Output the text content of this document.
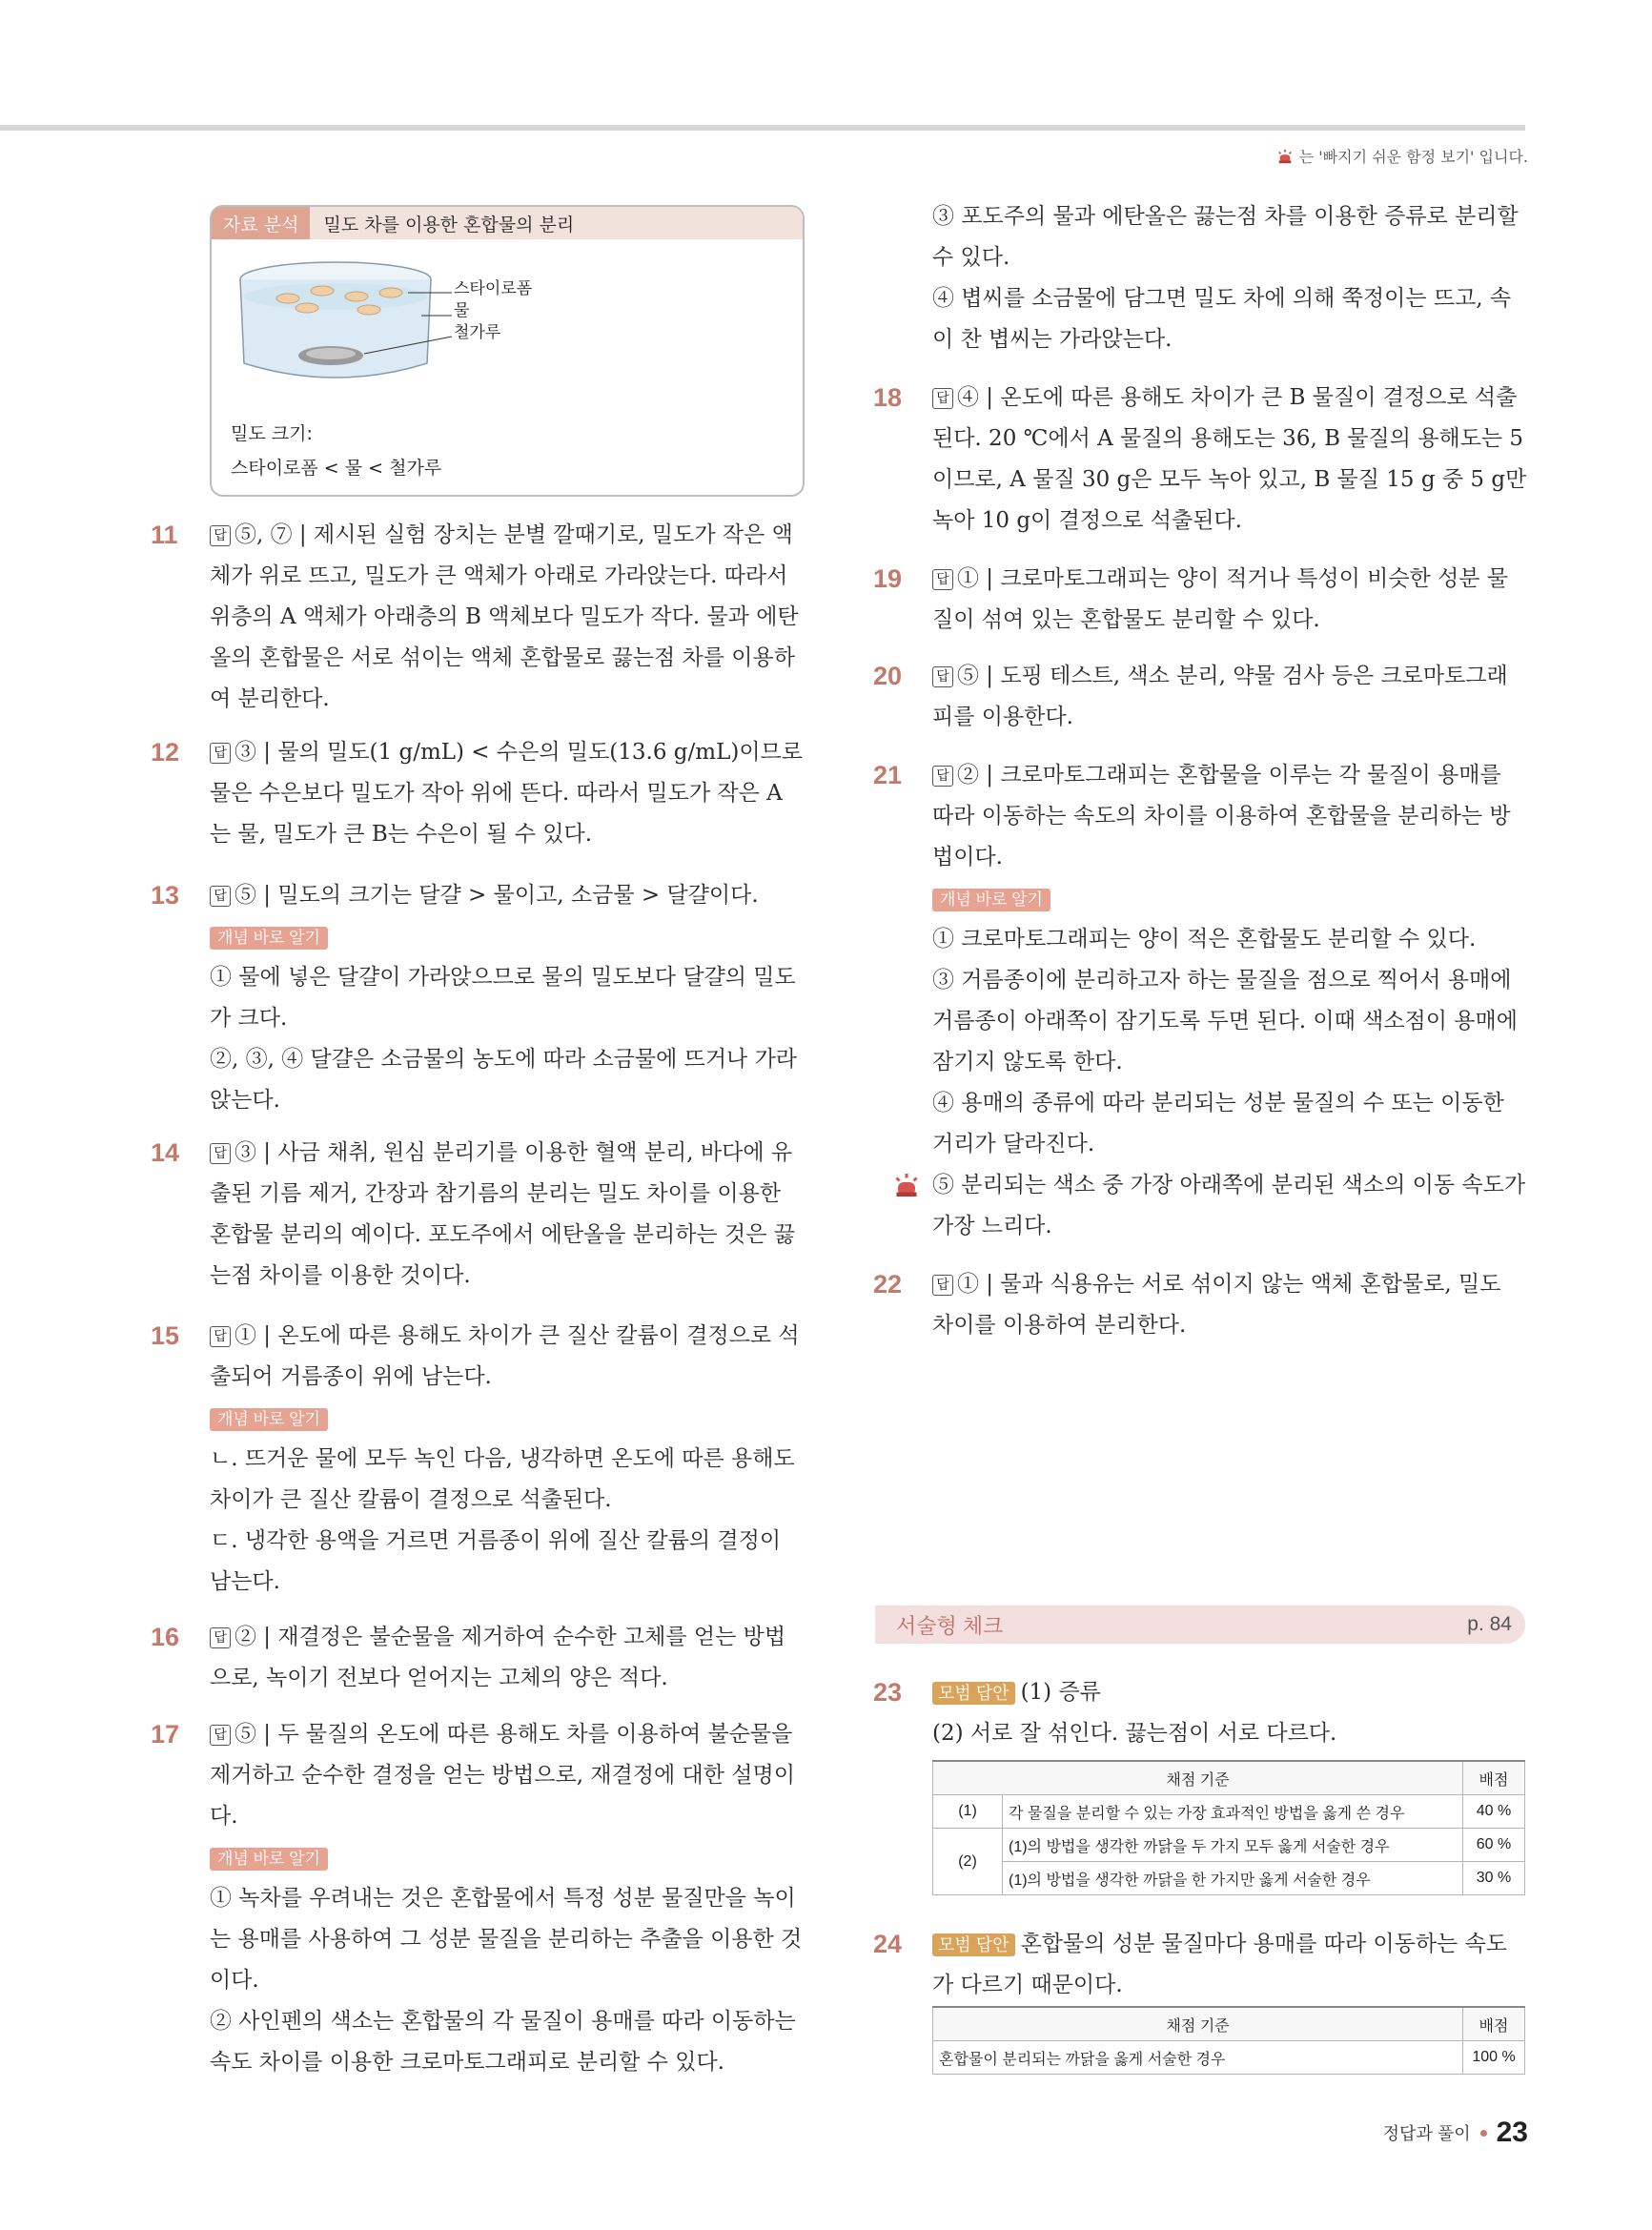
는 '빠지기 쉬운 함정 보기' 입니다.
자료 분석	밀도 차를 이용한 혼합물의 분리
스타이로폼
물
철가루
밀도 크기:
스타이로폼 < 물 < 철가루
11	답 ⑤, ⑦ | 제시된 실험 장치는 분별 깔때기로, 밀도가 작은 액체가 위로 뜨고, 밀도가 큰 액체가 아래로 가라앉는다. 따라서 위층의 A 액체가 아래층의 B 액체보다 밀도가 작다. 물과 에탄올의 혼합물은 서로 섞이는 액체 혼합물로 끓는점 차를 이용하여 분리한다.
12	답 ③ | 물의 밀도(1 g/mL) < 수은의 밀도(13.6 g/mL)이므로 물은 수은보다 밀도가 작아 위에 뜬다. 따라서 밀도가 작은 A는 물, 밀도가 큰 B는 수은이 될 수 있다.
13	답 ⑤ | 밀도의 크기는 달걀 > 물이고, 소금물 > 달걀이다.
개념 바로 알기
① 물에 넣은 달걀이 가라앉으므로 물의 밀도보다 달걀의 밀도가 크다.
②, ③, ④ 달걀은 소금물의 농도에 따라 소금물에 뜨거나 가라앉는다.
14	답 ③ | 사금 채취, 원심 분리기를 이용한 혈액 분리, 바다에 유출된 기름 제거, 간장과 참기름의 분리는 밀도 차이를 이용한 혼합물 분리의 예이다. 포도주에서 에탄올을 분리하는 것은 끓는점 차이를 이용한 것이다.
15	답 ① | 온도에 따른 용해도 차이가 큰 질산 칼륨이 결정으로 석출되어 거름종이 위에 남는다.
개념 바로 알기
ㄴ. 뜨거운 물에 모두 녹인 다음, 냉각하면 온도에 따른 용해도 차이가 큰 질산 칼륨이 결정으로 석출된다.
ㄷ. 냉각한 용액을 거르면 거름종이 위에 질산 칼륨의 결정이 남는다.
16	답 ② | 재결정은 불순물을 제거하여 순수한 고체를 얻는 방법으로, 녹이기 전보다 얻어지는 고체의 양은 적다.
17	답 ⑤ | 두 물질의 온도에 따른 용해도 차를 이용하여 불순물을 제거하고 순수한 결정을 얻는 방법으로, 재결정에 대한 설명이다.
개념 바로 알기
① 녹차를 우려내는 것은 혼합물에서 특정 성분 물질만을 녹이는 용매를 사용하여 그 성분 물질을 분리하는 추출을 이용한 것이다.
② 사인펜의 색소는 혼합물의 각 물질이 용매를 따라 이동하는 속도 차이를 이용한 크로마토그래피로 분리할 수 있다.
③ 포도주의 물과 에탄올은 끓는점 차를 이용한 증류로 분리할 수 있다.
④ 볍씨를 소금물에 담그면 밀도 차에 의해 쭉정이는 뜨고, 속이 찬 볍씨는 가라앉는다.
18	답 ④ | 온도에 따른 용해도 차이가 큰 B 물질이 결정으로 석출된다. 20 ℃에서 A 물질의 용해도는 36, B 물질의 용해도는 5이므로, A 물질 30 g은 모두 녹아 있고, B 물질 15 g 중 5 g만 녹아 10 g이 결정으로 석출된다.
19	답 ① | 크로마토그래피는 양이 적거나 특성이 비슷한 성분 물질이 섞여 있는 혼합물도 분리할 수 있다.
20	답 ⑤ | 도핑 테스트, 색소 분리, 약물 검사 등은 크로마토그래피를 이용한다.
21	답 ② | 크로마토그래피는 혼합물을 이루는 각 물질이 용매를 따라 이동하는 속도의 차이를 이용하여 혼합물을 분리하는 방법이다.
개념 바로 알기
① 크로마토그래피는 양이 적은 혼합물도 분리할 수 있다.
③ 거름종이에 분리하고자 하는 물질을 점으로 찍어서 용매에 거름종이 아래쪽이 잠기도록 두면 된다. 이때 색소점이 용매에 잠기지 않도록 한다.
④ 용매의 종류에 따라 분리되는 성분 물질의 수 또는 이동한 거리가 달라진다.
⑤ 분리되는 색소 중 가장 아래쪽에 분리된 색소의 이동 속도가 가장 느리다.
22	답 ① | 물과 식용유는 서로 섞이지 않는 액체 혼합물로, 밀도 차이를 이용하여 분리한다.
서술형 체크	p. 84
23 모범 답안 (1) 증류
(2) 서로 잘 섞인다. 끓는점이 서로 다르다.
채점 기준		배점
(1)	각 물질을 분리할 수 있는 가장 효과적인 방법을 옳게 쓴 경우	40 %
(2)	(1)의 방법을 생각한 까닭을 두 가지 모두 옳게 서술한 경우	60 %
	(1)의 방법을 생각한 까닭을 한 가지만 옳게 서술한 경우	30 %
24 모범 답안 혼합물의 성분 물질마다 용매를 따라 이동하는 속도가 다르기 때문이다.
채점 기준	배점
혼합물이 분리되는 까닭을 옳게 서술한 경우	100 %
정답과 풀이 23
